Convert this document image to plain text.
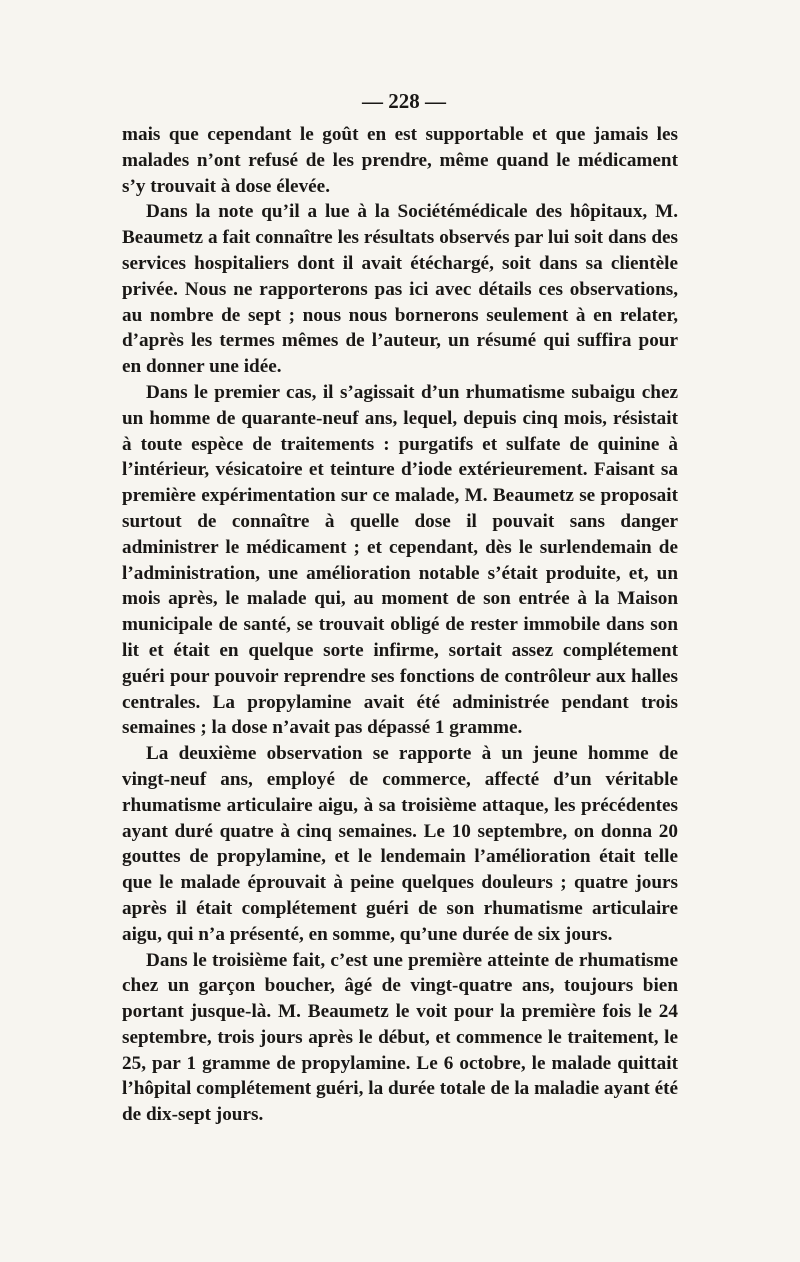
— 228 —

mais que cependant le goût en est supportable et que jamais les malades n’ont refusé de les prendre, même quand le médicament s’y trouvait à dose élevée.

Dans la note qu’il a lue à la Sociétémédicale des hôpitaux, M. Beaumetz a fait connaître les résultats observés par lui soit dans des services hospitaliers dont il avait étéchargé, soit dans sa clientèle privée. Nous ne rapporterons pas ici avec détails ces observations, au nombre de sept ; nous nous bornerons seulement à en relater, d’après les termes mêmes de l’auteur, un résumé qui suffira pour en donner une idée.

Dans le premier cas, il s’agissait d’un rhumatisme subaigu chez un homme de quarante-neuf ans, lequel, depuis cinq mois, résistait à toute espèce de traitements : purgatifs et sulfate de quinine à l’intérieur, vésicatoire et teinture d’iode extérieurement. Faisant sa première expérimentation sur ce malade, M. Beaumetz se proposait surtout de connaître à quelle dose il pouvait sans danger administrer le médicament ; et cependant, dès le surlendemain de l’administration, une amélioration notable s’était produite, et, un mois après, le malade qui, au moment de son entrée à la Maison municipale de santé, se trouvait obligé de rester immobile dans son lit et était en quelque sorte infirme, sortait assez complétement guéri pour pouvoir reprendre ses fonctions de contrôleur aux halles centrales. La propylamine avait été administrée pendant trois semaines ; la dose n’avait pas dépassé 1 gramme.

La deuxième observation se rapporte à un jeune homme de vingt-neuf ans, employé de commerce, affecté d’un véritable rhumatisme articulaire aigu, à sa troisième attaque, les précédentes ayant duré quatre à cinq semaines. Le 10 septembre, on donna 20 gouttes de propylamine, et le lendemain l’amélioration était telle que le malade éprouvait à peine quelques douleurs ; quatre jours après il était complétement guéri de son rhumatisme articulaire aigu, qui n’a présenté, en somme, qu’une durée de six jours.

Dans le troisième fait, c’est une première atteinte de rhumatisme chez un garçon boucher, âgé de vingt-quatre ans, toujours bien portant jusque-là. M. Beaumetz le voit pour la première fois le 24 septembre, trois jours après le début, et commence le traitement, le 25, par 1 gramme de propylamine. Le 6 octobre, le malade quittait l’hôpital complétement guéri, la durée totale de la maladie ayant été de dix-sept jours.
